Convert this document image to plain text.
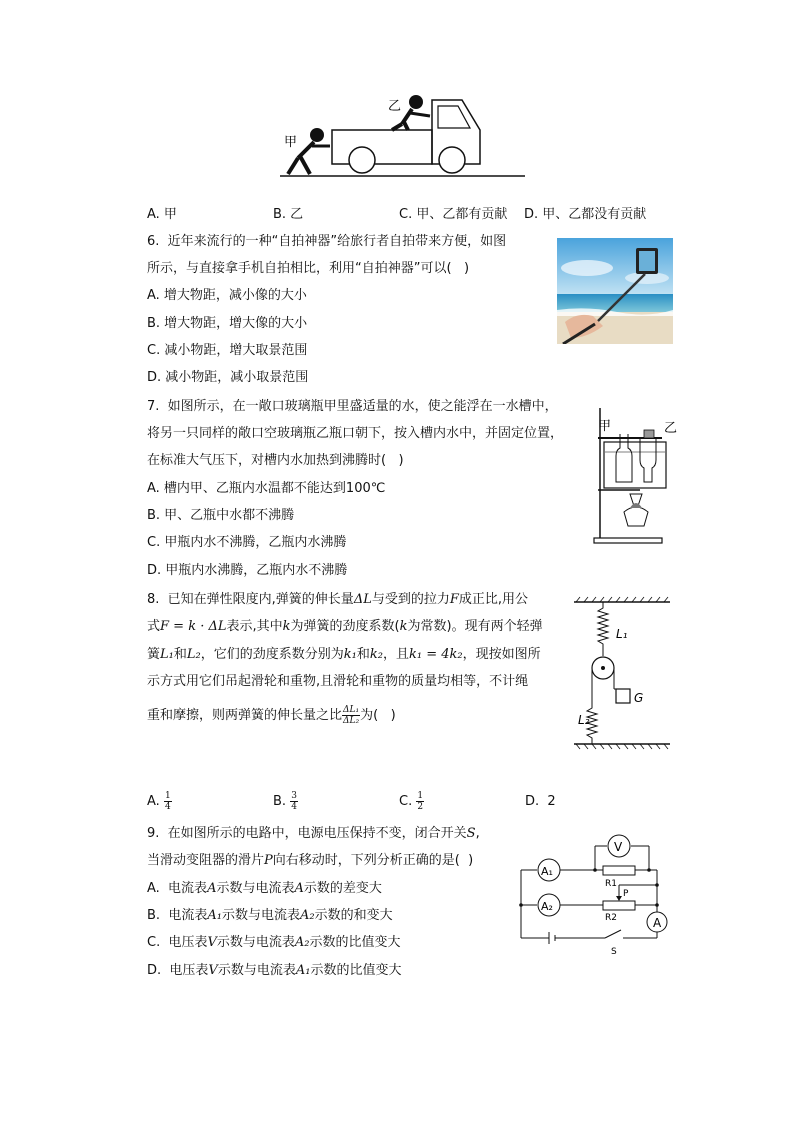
甲
乙
A. 甲	B. 乙	C. 甲、乙都有贡献 D. 甲、乙都没有贡献
6.  近年来流行的一种“自拍神器”给旅行者自拍带来方便，如图
所示，与直接拿手机自拍相比，利用“自拍神器”可以(   )
A. 增大物距，减小像的大小
B. 增大物距，增大像的大小
C. 减小物距，增大取景范围
D. 减小物距，减小取景范围
7.  如图所示，在一敞口玻璃瓶甲里盛适量的水，使之能浮在一水槽中，
将另一只同样的敞口空玻璃瓶乙瓶口朝下，按入槽内水中，并固定位置，
在标准大气压下，对槽内水加热到沸腾时(   )
A. 槽内甲、乙瓶内水温都不能达到100℃
B. 甲、乙瓶中水都不沸腾
C. 甲瓶内水不沸腾，乙瓶内水沸腾
D. 甲瓶内水沸腾，乙瓶内水不沸腾
甲	乙
8.  已知在弹性限度内,弹簧的伸长量ΔL与受到的拉力F成正比,用公
式F = k · ΔL表示,其中k为弹簧的劲度系数(k为常数)。现有两个轻弹
簧L₁和L₂，它们的劲度系数分别为k₁和k₂，且k₁ = 4k₂，现按如图所
示方式用它们吊起滑轮和重物,且滑轮和重物的质量均相等，不计绳
重和摩擦，则两弹簧的伸长量之比 $\frac{\text{ΔL₁}}{\text{ΔL₂}}$ 为(   )
A. $\frac{1}{4}$	B. $\frac{3}{4}$	C. $\frac{1}{2}$	D.  2
L₁
L₂
G
9.  在如图所示的电路中，电源电压保持不变，闭合开关S,
当滑动变阻器的滑片P向右移动时，下列分析正确的是(  )
A.  电流表A示数与电流表A示数的差变大
B.  电流表A₁示数与电流表A₂示数的和变大
C.  电压表V示数与电流表A₂示数的比值变大
D.  电压表V示数与电流表A₁示数的比值变大
V
A₁
A₂
A
R1
R2
P
S
